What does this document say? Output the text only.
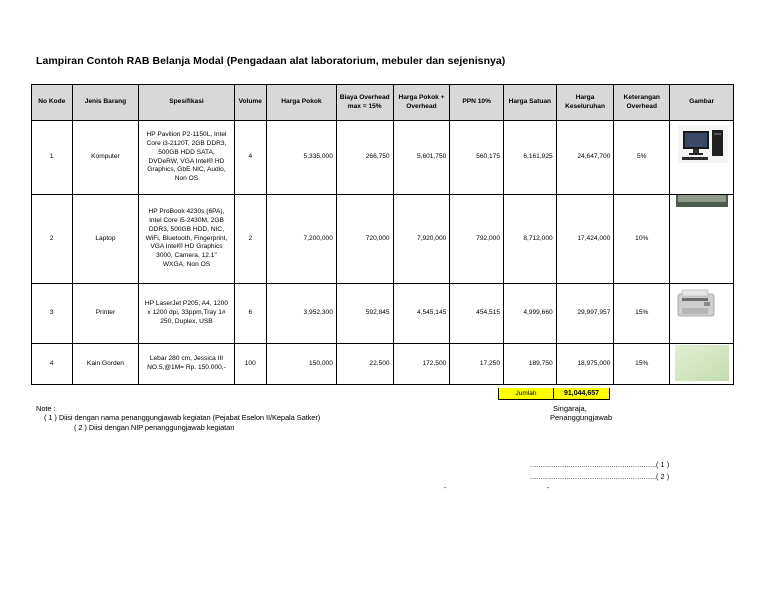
Lampiran Contoh RAB Belanja Modal (Pengadaan alat laboratorium, mebuler dan sejenisnya)
No Kode	Jenis Barang	Spesifikasi	Volume	Harga Pokok	Biaya Overhead max = 15%	Harga Pokok + Overhead	PPN 10%	Harga Satuan	Harga Keseluruhan	Keterangan Overhead	Gambar
1	Komputer	HP Pavilion P2-1150L, Intel Core i3-2120T, 2GB DDR3, 500GB HDD SATA, DVDeRW, VGA Intel® HD Graphics, GbE NIC, Audio, Non OS	4	5,335,000	266,750	5,601,750	560,175	6,161,925	24,647,700	5%	

2	Laptop	HP ProBook 4230s (6PA), Intel Core i5-2430M, 2GB DDR3, 500GB HDD, NIC, WiFi, Bluetooth, Fingerprint, VGA Intel® HD Graphics 3000, Camera, 12.1" WXGA, Non OS	2	7,200,000	720,000	7,920,000	792,000	8,712,000	17,424,000	10%	hp

3	Printer	HP LaserJet P205, A4, 1200 x 1200 dpi, 33ppm,Tray 1# 250, Duplex, USB	6	3,952,300	592,845	4,545,145	454,515	4,999,660	29,997,957	15%	

4	Kain Gorden	Lebar 280 cm, Jessica III NO.5,@1M= Rp. 150.000,-	100	150,000	22,500	172,500	17,250	189,750	18,975,000	15%	
Jumlah	91,044,657
Note :
( 1 ) Diisi dengan nama penanggungjawab kegiatan (Pejabat Eselon II/Kepala Satker)
( 2 ) Diisi dengan NIP penanggungjawab kegiatan
Singaraja,
Penanggungjawab
........................................................... ( 1 )
........................................................... ( 2 )
-	-
